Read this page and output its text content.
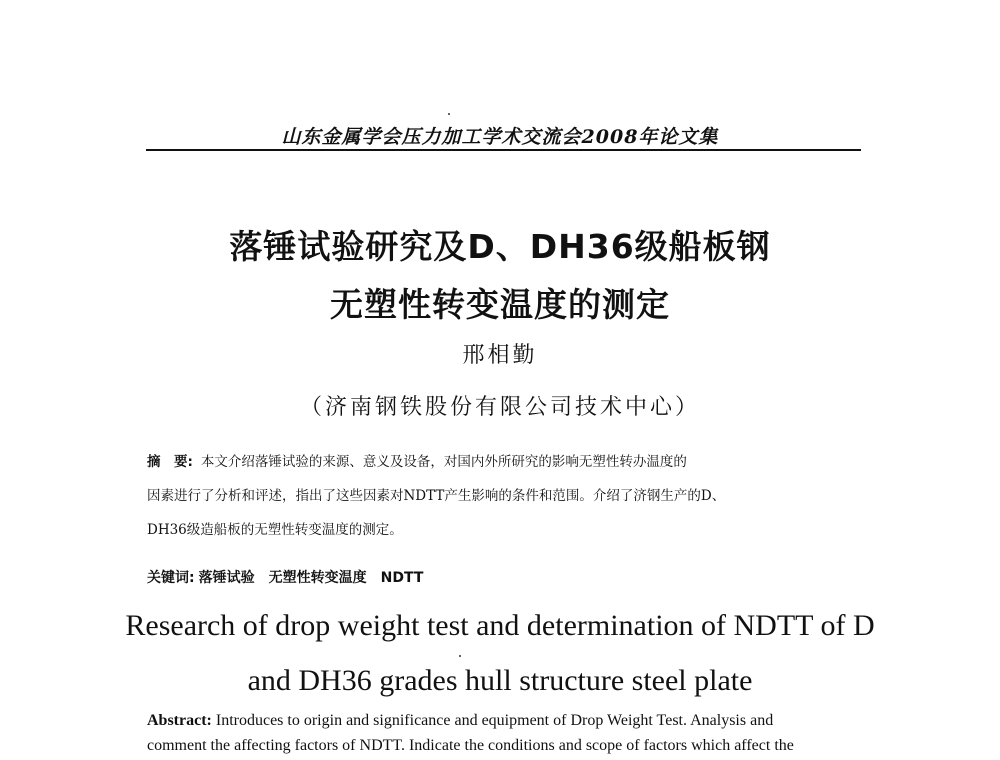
山东金属学会压力加工学术交流会2008年论文集
落锤试验研究及D、DH36级船板钢
无塑性转变温度的测定
邢相勤
（济南钢铁股份有限公司技术中心）
摘　要: 本文介绍落锤试验的来源、意义及设备，对国内外所研究的影响无塑性转办温度的
因素进行了分析和评述，指出了这些因素对NDTT产生影响的条件和范围。介绍了济钢生产的D、
DH36级造船板的无塑性转变温度的测定。
关键词: 落锤试验　无塑性转变温度　NDTT
Research of drop weight test and determination of NDTT of D
and DH36 grades hull structure steel plate
Abstract: Introduces to origin and significance and equipment of Drop Weight Test. Analysis and
comment the affecting factors of NDTT. Indicate the conditions and scope of factors which affect the
